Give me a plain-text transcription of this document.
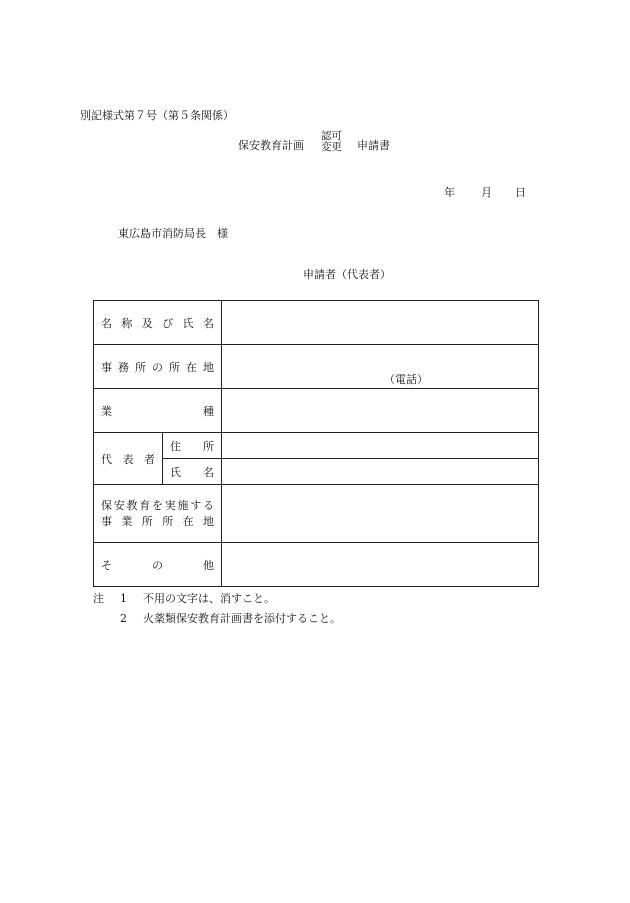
別記様式第７号（第５条関係）
保安教育計画
認可
変更 申請書
年 月 日
東広島市消防局長　様
申請者（代表者）
名称及び氏名		
事務所の所在地		（電話）

業種		
代表者	住所	
	氏名	

保安教育を実施する
事業所所在地		

その他		
注 1 不用の文字は、消すこと。
2 火薬類保安教育計画書を添付すること。
